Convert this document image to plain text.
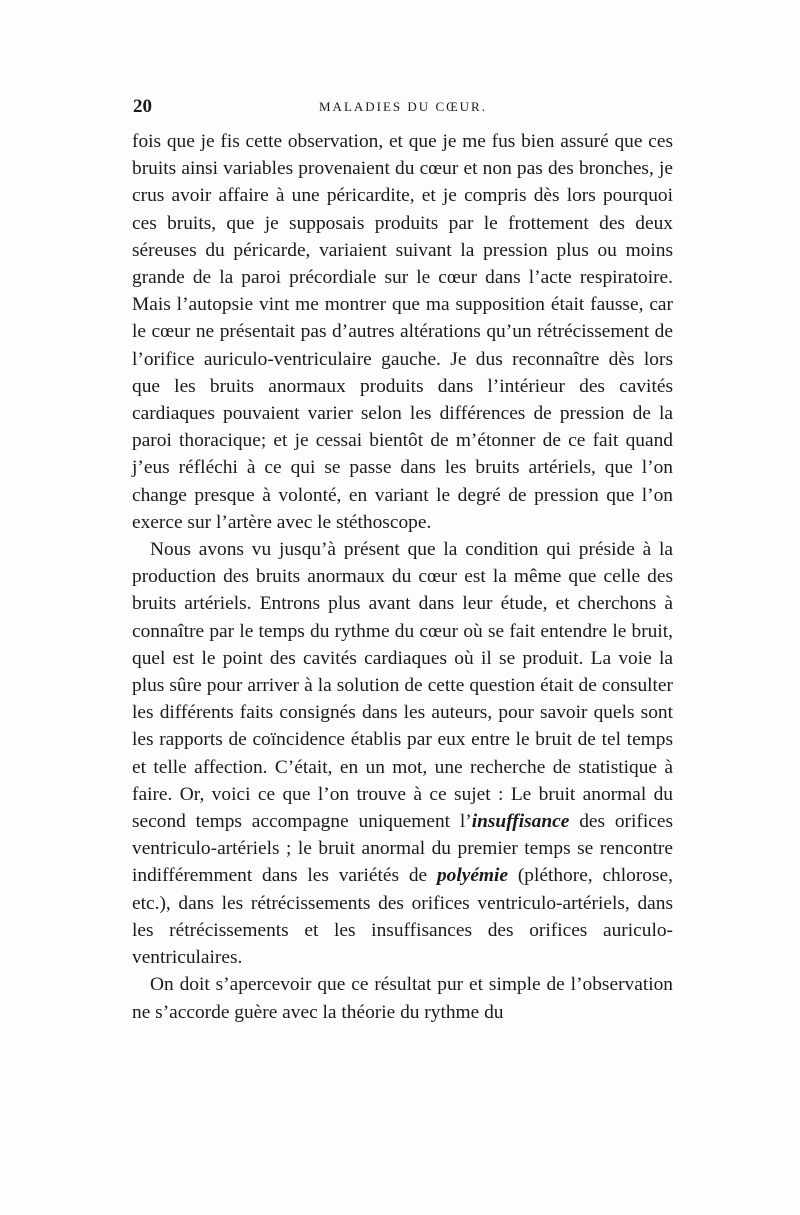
20	MALADIES DU CŒUR.

fois que je fis cette observation, et que je me fus bien assuré que ces bruits ainsi variables provenaient du cœur et non pas des bronches, je crus avoir affaire à une péricardite, et je compris dès lors pourquoi ces bruits, que je supposais produits par le frottement des deux séreuses du péricarde, variaient suivant la pression plus ou moins grande de la paroi précordiale sur le cœur dans l’acte respiratoire. Mais l’autopsie vint me montrer que ma supposition était fausse, car le cœur ne présentait pas d’autres altérations qu’un rétrécissement de l’orifice auriculo-ventriculaire gauche. Je dus reconnaître dès lors que les bruits anormaux produits dans l’intérieur des cavités cardiaques pouvaient varier selon les différences de pression de la paroi thoracique; et je cessai bientôt de m’étonner de ce fait quand j’eus réfléchi à ce qui se passe dans les bruits artériels, que l’on change presque à volonté, en variant le degré de pression que l’on exerce sur l’artère avec le stéthoscope.

Nous avons vu jusqu’à présent que la condition qui préside à la production des bruits anormaux du cœur est la même que celle des bruits artériels. Entrons plus avant dans leur étude, et cherchons à connaître par le temps du rythme du cœur où se fait entendre le bruit, quel est le point des cavités cardiaques où il se produit. La voie la plus sûre pour arriver à la solution de cette question était de consulter les différents faits consignés dans les auteurs, pour savoir quels sont les rapports de coïncidence établis par eux entre le bruit de tel temps et telle affection. C’était, en un mot, une recherche de statistique à faire. Or, voici ce que l’on trouve à ce sujet : Le bruit anormal du second temps accompagne uniquement l’insuffisance des orifices ventriculo-artériels ; le bruit anormal du premier temps se rencontre indifféremment dans les variétés de polyémie (pléthore, chlorose, etc.), dans les rétrécissements des orifices ventriculo-artériels, dans les rétrécissements et les insuffisances des orifices auriculo-ventriculaires.

On doit s’apercevoir que ce résultat pur et simple de l’observation ne s’accorde guère avec la théorie du rythme du
